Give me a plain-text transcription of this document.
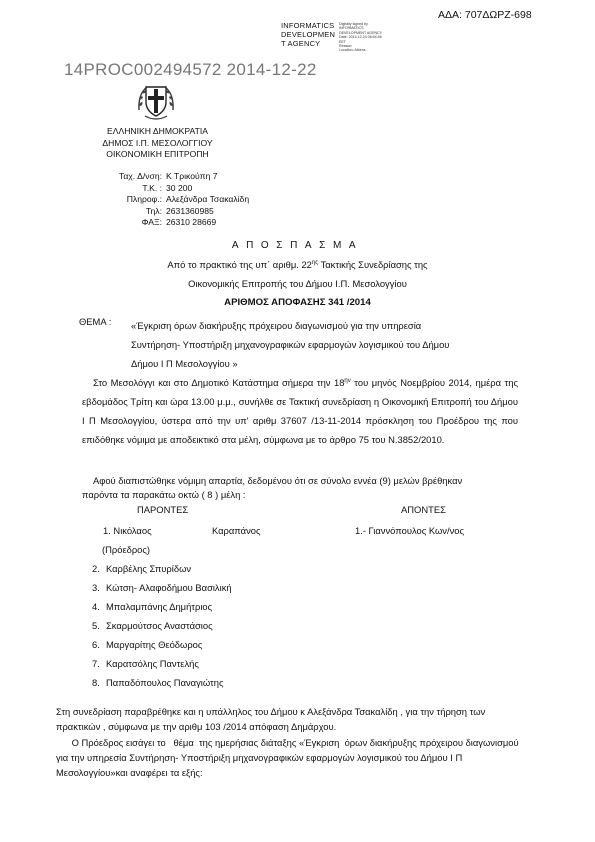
ΑΔΑ: 707ΔΩΡΖ-698
INFORMATICS
DEVELOPMEN
T AGENCY
Digitally signed by
INFORMATICS
DEVELOPMENT AGENCY
Date: 2014.12.23 08:54:46
EET
Reason:
Location: Athens
14PROC002494572 2014-12-22
ΕΛΛΗΝΙΚΗ ΔΗΜΟΚΡΑΤΙΑ
ΔΗΜΟΣ Ι.Π. ΜΕΣΟΛΟΓΓΙΟΥ
ΟΙΚΟΝΟΜΙΚΗ ΕΠΙΤΡΟΠΗ
Ταχ. Δ/νση: Κ Τρικούπη 7
Τ.Κ. : 30 200
Πληροφ.: Αλεξάνδρα Τσακαλίδη
Τηλ: 2631360985
ΦΑΞ: 26310 28669
ΑΠΟΣΠΑΣΜΑ
Από το πρακτικό της υπ΄ αριθμ. $22^{\eta\varsigma}$ Τακτικής Συνεδρίασης της
Οικονομικής Επιτροπής του Δήμου Ι.Π. Μεσολογγίου
ΑΡΙΘΜΟΣ ΑΠΟΦΑΣΗΣ 341 /2014
ΘΕΜΑ : «Έγκριση όρων διακήρυξης πρόχειρου διαγωνισμού για την υπηρεσία
Συντήρηση- Υποστήριξη μηχανογραφικών εφαρμογών λογισμικού του Δήμου
Δήμου Ι Π Μεσολογγίου »
Στο Μεσολόγγι και στο Δημοτικό Κατάστημα σήμερα την $18^{\eta\nu}$ του μηνός Νοεμβρίου 2014, ημέρα της εβδομάδος Τρίτη και ώρα 13.00 μ.μ., συνήλθε σε Τακτική συνεδρίαση η Οικονομική Επιτροπή του Δήμου Ι Π Μεσολογγίου, ύστερα από την υπ' αριθμ 37607 /13-11-2014 πρόσκληση του Προέδρου της που επιδόθηκε νόμιμα με αποδεικτικό στα μέλη, σύμφωνα με το άρθρο 75 του Ν.3852/2010.
Αφού διαπιστώθηκε νόμιμη απαρτία, δεδομένου ότι σε σύνολο εννέα (9) μελών βρέθηκαν
παρόντα τα παρακάτω οκτώ ( 8 ) μέλη :
ΠΑΡΟΝΤΕΣ	ΑΠΟΝΤΕΣ
1. Νικόλαος	Καραπάνος	1.- Γιαννόπουλος Κων/νος
(Πρόεδρος)
2. Καρβέλης Σπυρίδων
3. Κώτση- Αλαφοδήμου Βασιλική
4. Μπαλαμπάνης Δημήτριος
5. Σκαρμούτσος Αναστάσιος
6. Μαργαρίτης Θεόδωρος
7. Καρατσόλης Παντελής
8. Παπαδόπουλος Παναγιώτης
Στη συνεδρίαση παραβρέθηκε και η υπάλληλος του Δήμου κ Αλεξάνδρα Τσακαλίδη , για την τήρηση των πρακτικών , σύμφωνα με την αριθμ 103 /2014 απόφαση Δημάρχου.
Ο Πρόεδρος εισάγει το   θέμα  της ημερήσιας διάταξης «Έγκριση  όρων διακήρυξης πρόχειρου διαγωνισμού για την υπηρεσία Συντήρηση- Υποστήριξη μηχανογραφικών εφαρμογών λογισμικού του Δήμου Ι Π Μεσολογγίου»και αναφέρει τα εξής:
